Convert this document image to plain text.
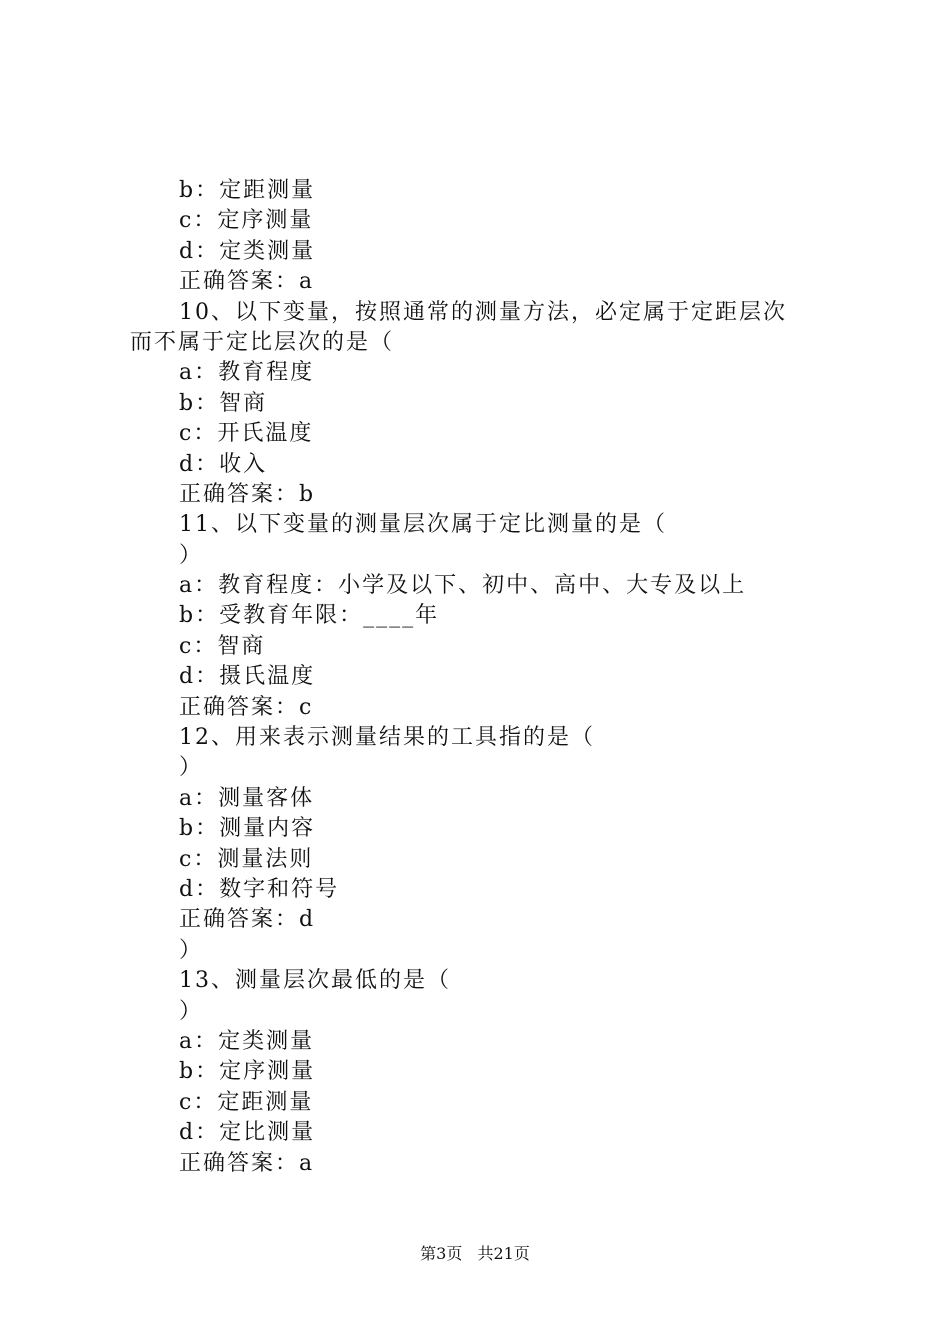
b：定距测量
c：定序测量
d：定类测量
正确答案：a
10、以下变量，按照通常的测量方法，必定属于定距层次
而不属于定比层次的是（
a：教育程度
b：智商
c：开氏温度
d：收入
正确答案：b
11、以下变量的测量层次属于定比测量的是（
）
a：教育程度：小学及以下、初中、高中、大专及以上
b：受教育年限：____年
c：智商
d：摄氏温度
正确答案：c
12、用来表示测量结果的工具指的是（
）
a：测量客体
b：测量内容
c：测量法则
d：数字和符号
正确答案：d
）
13、测量层次最低的是（
）
a：定类测量
b：定序测量
c：定距测量
d：定比测量
正确答案：a
第3页 共21页
